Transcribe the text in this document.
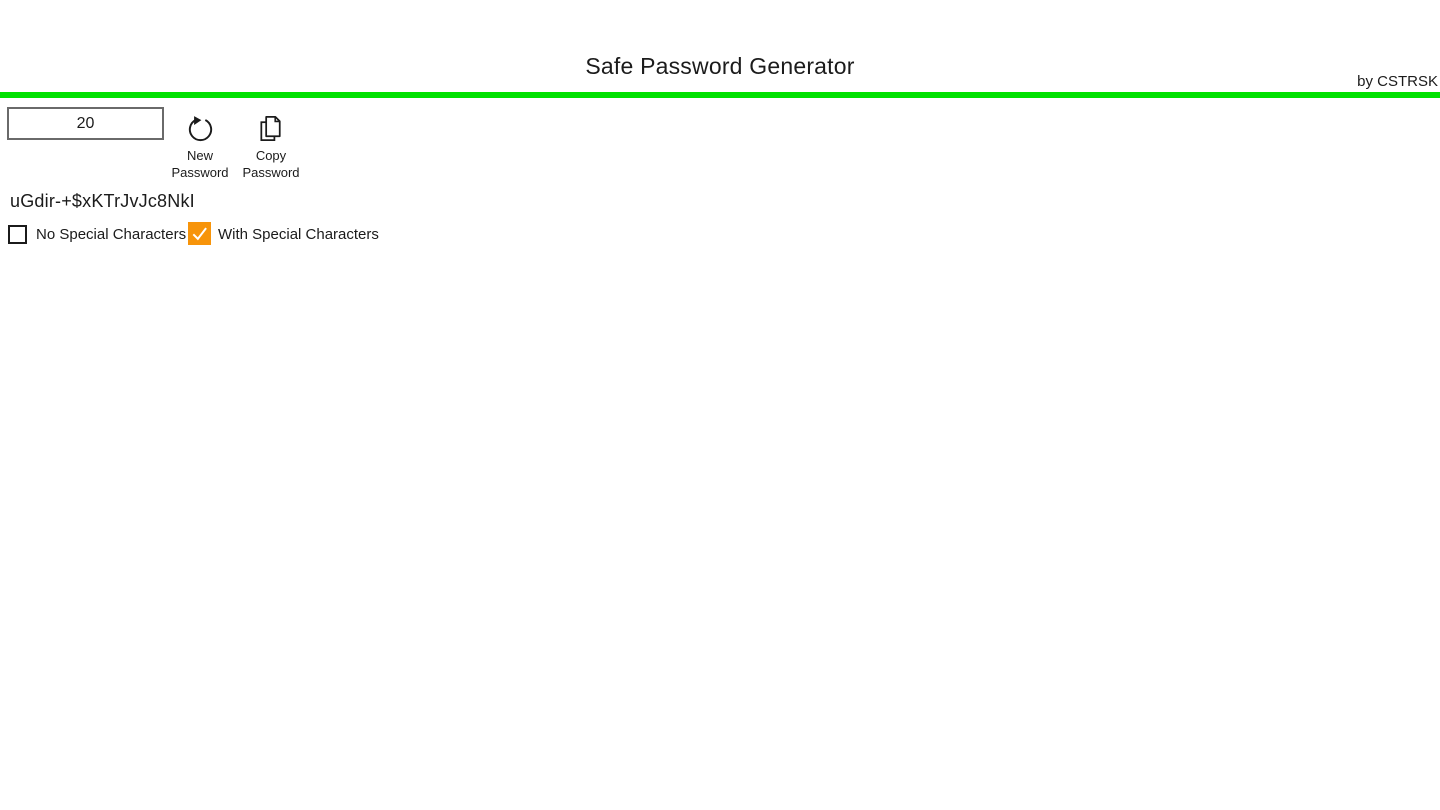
Safe Password Generator
by CSTRSK
20
New
Password
Copy
Password
uGdir-+$xKTrJvJc8NkI
No Special Characters With Special Characters
